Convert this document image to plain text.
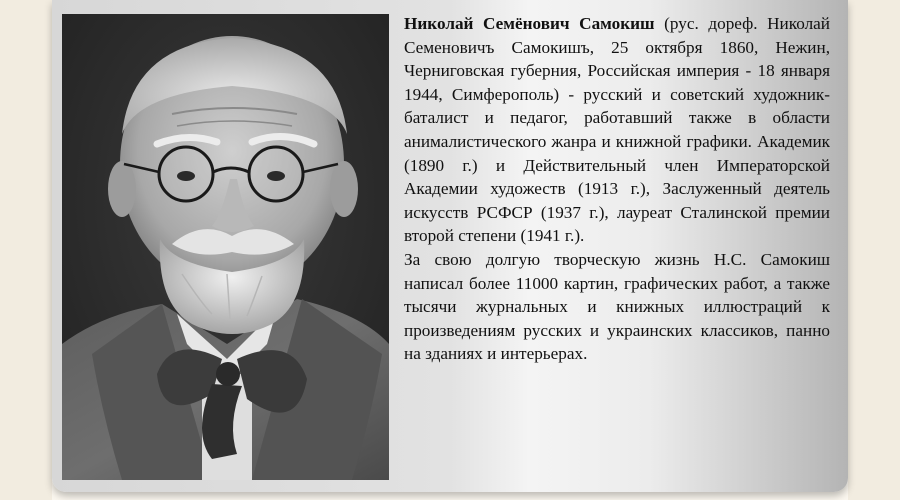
Николай Семёнович Самокиш (рус. дореф. Николай Семеновичъ Самокишъ, 25 октября 1860, Нежин, Черниговская губерния, Российская империя - 18 января 1944, Симферополь) - русский и советский художник-баталист и педагог, работавший также в области анималистического жанра и книжной графики. Академик (1890 г.) и Действительный член Императорской Академии художеств (1913 г.), Заслуженный деятель искусств РСФСР (1937 г.), лауреат Сталинской премии второй степени (1941 г.).

За свою долгую творческую жизнь Н.С. Самокиш написал более 11000 картин, графических работ, а также тысячи журнальных и книжных иллюстраций к произведениям русских и украинских классиков, панно на зданиях и интерьерах.
